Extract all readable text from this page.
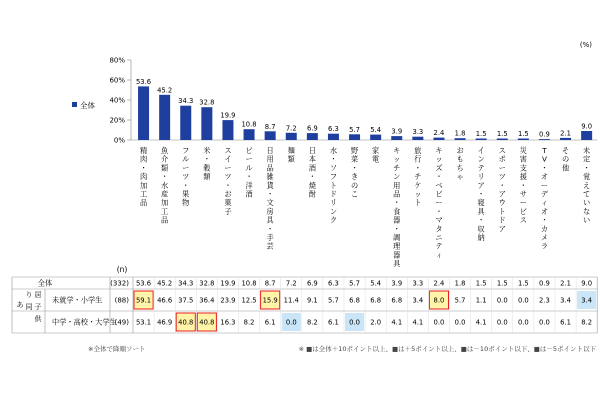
0%
20%
40%
60%
80%
53.6
45.2
34.3 32.8
19.9
10.8 8.7 7.2 6.9 6.3 5.7 5.4 3.9 3.3 2.4 1.8 1.5 1.5 1.5 0.9 2.1
9.0
精肉・肉加工品
魚介類・水産加工品
フルーツ・果物
米・穀類
スイーツ・お菓子
ビール・洋酒
日用品雑貨・文房具・手芸
麺類
日本酒・焼酎
水・ソフトドリンク
野菜・きのこ
家電
キッチン用品・食器・調理器具
旅行・チケット
キッズ・ベビー・マタニティ
おもちゃ
インテリア・寝具・収納
スポーツ・アウトドア
災害支援・サービス
T V ・オーディオ・カメラ
その他
未定・覚えていない
全体	(332) 53.6 45.2 34.3 32.8 19.9 10.8 8.7 7.2 6.9 6.3 5.7 5.4 3.9 3.3 2.4 1.8 1.5 1.5 1.5 0.9 2.1 9.0
未就学・小学生 (88) 59.1 46.6 37.5 36.4 23.9 12.5 15.9 11.4 9.1 5.7 6.8 6.8 6.8 3.4 8.0 5.7 1.1 0.0 0.0 2.3 3.4 3.4
中学・高校・大学生
(49) 53.1 46.9 40.8 40.8 16.3 8.2 6.1 0.0 8.2 6.1 0.0 2.0 4.1 4.1 0.0 0.0 4.1 0.0 0.0 0.0 6.1 8.2
あり同居子供
(%)
(n)
全体
※全体で降順ソート	※ ■は全体＋10ポイント以上、■は＋5ポイント以上、■は－10ポイント以下、■は－5ポイント以下
